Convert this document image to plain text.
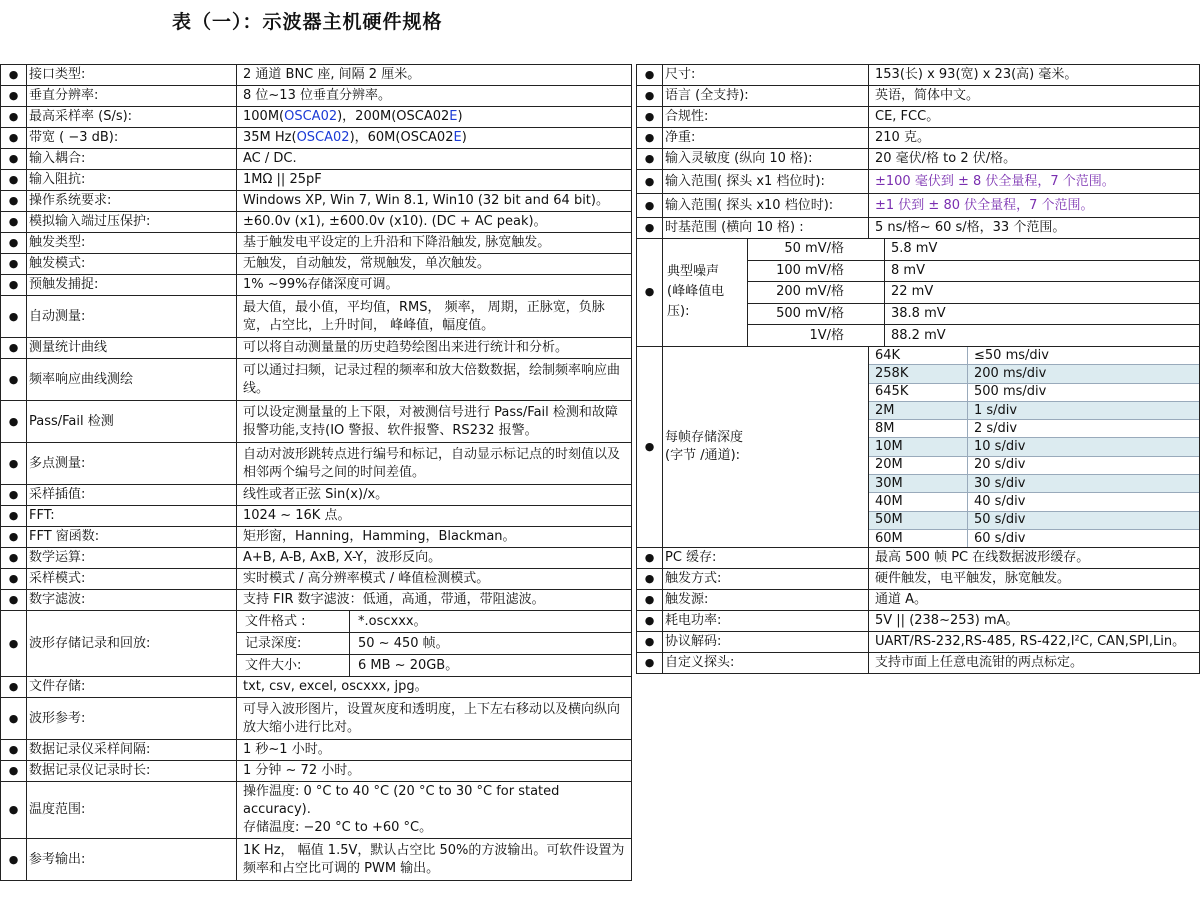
表（一）：示波器主机硬件规格
●	接口类型:	2 通道 BNC 座, 间隔 2 厘米。
●	垂直分辨率:	8 位~13 位垂直分辨率。
●	最高采样率 (S/s):	100M(OSCA02)，200M(OSCA02E)
●	带宽 ( −3 dB):	35M Hz(OSCA02)，60M(OSCA02E)
●	输入耦合:	AC / DC.
●	输入阻抗:	1MΩ || 25pF
●	操作系统要求:	Windows XP, Win 7, Win 8.1, Win10 (32 bit and 64 bit)。
●	模拟输入端过压保护:	±60.0v (x1), ±600.0v (x10). (DC + AC peak)。
●	触发类型:	基于触发电平设定的上升沿和下降沿触发, 脉宽触发。
●	触发模式:	无触发，自动触发，常规触发，单次触发。
●	预触发捕捉:	1% ~99%存储深度可调。
●	自动测量:	最大值，最小值，平均值，RMS， 频率， 周期，正脉宽，负脉宽，占空比，上升时间， 峰峰值，幅度值。
●	测量统计曲线	可以将自动测量量的历史趋势绘图出来进行统计和分析。
●	频率响应曲线测绘	可以通过扫频，记录过程的频率和放大倍数数据，绘制频率响应曲线。
●	Pass/Fail 检测	可以设定测量量的上下限，对被测信号进行 Pass/Fail 检测和故障报警功能,支持(IO 警报、软件报警、RS232 报警。
●	多点测量:	自动对波形跳转点进行编号和标记，自动显示标记点的时刻值以及相邻两个编号之间的时间差值。
●	采样插值:	线性或者正弦 Sin(x)/x。
●	FFT:	1024 ~ 16K 点。
●	FFT 窗函数:	矩形窗，Hanning，Hamming，Blackman。
●	数学运算:	A+B, A-B, AxB, X-Y，波形反向。
●	采样模式:	实时模式 / 高分辨率模式 / 峰值检测模式。
●	数字滤波:	支持 FIR 数字滤波：低通，高通，带通，带阻滤波。
●	波形存储记录和回放:	
文件格式 :	*.oscxxx。
记录深度:	50 ~ 450 帧。
文件大小:	6 MB ~ 20GB。

●	文件存储:	txt, csv, excel, oscxxx, jpg。
●	波形参考:	可导入波形图片，设置灰度和透明度，上下左右移动以及横向纵向放大缩小进行比对。
●	数据记录仪采样间隔:	1 秒~1 小时。
●	数据记录仪记录时长:	1 分钟 ~ 72 小时。
●	温度范围:	操作温度: 0 °C to 40 °C (20 °C to 30 °C for stated accuracy).
存储温度: −20 °C to +60 °C。
●	参考输出:	1K Hz， 幅值 1.5V，默认占空比 50%的方波输出。可软件设置为频率和占空比可调的 PWM 输出。
●	尺寸:	153(长) x 93(宽) x 23(高) 毫米。
●	语言 (全支持):	英语，简体中文。
●	合规性:	CE, FCC。
●	净重:	210 克。
●	输入灵敏度 (纵向 10 格):	20 毫伏/格 to 2 伏/格。
●	输入范围( 探头 x1 档位时):	±100 毫伏到 ± 8 伏全量程，7 个范围。
●	输入范围( 探头 x10 档位时):	±1 伏到 ± 80 伏全量程，7 个范围。
●	时基范围 (横向 10 格) :	5 ns/格~ 60 s/格，33 个范围。
●	
典型噪声
(峰峰值电
压):	50 mV/格	5.8 mV
100 mV/格	8 mV
200 mV/格	22 mV
500 mV/格	38.8 mV
1V/格	88.2 mV

●	每帧存储深度
(字节 /通道):	
64K	≤50 ms/div
258K	200 ms/div
645K	500 ms/div
2M	1 s/div
8M	2 s/div
10M	10 s/div
20M	20 s/div
30M	30 s/div
40M	40 s/div
50M	50 s/div
60M	60 s/div

●	PC 缓存:	最高 500 帧 PC 在线数据波形缓存。
●	触发方式:	硬件触发，电平触发，脉宽触发。
●	触发源:	通道 A。
●	耗电功率:	5V || (238~253) mA。
●	协议解码:	UART/RS-232,RS-485, RS-422,I²C, CAN,SPI,Lin。
●	自定义探头:	支持市面上任意电流钳的两点标定。
